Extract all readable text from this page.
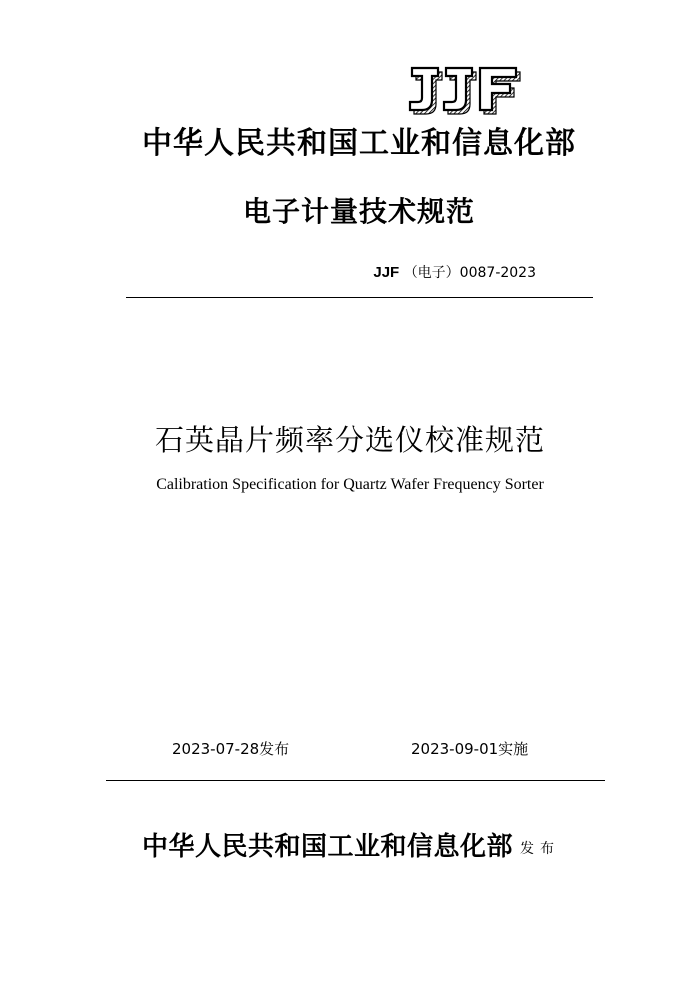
中华人民共和国工业和信息化部
电子计量技术规范
JJF （电子）0087-2023
石英晶片频率分选仪校准规范
Calibration Specification for Quartz Wafer Frequency Sorter
2023-07-28发布	2023-09-01实施
中华人民共和国工业和信息化部 发布
